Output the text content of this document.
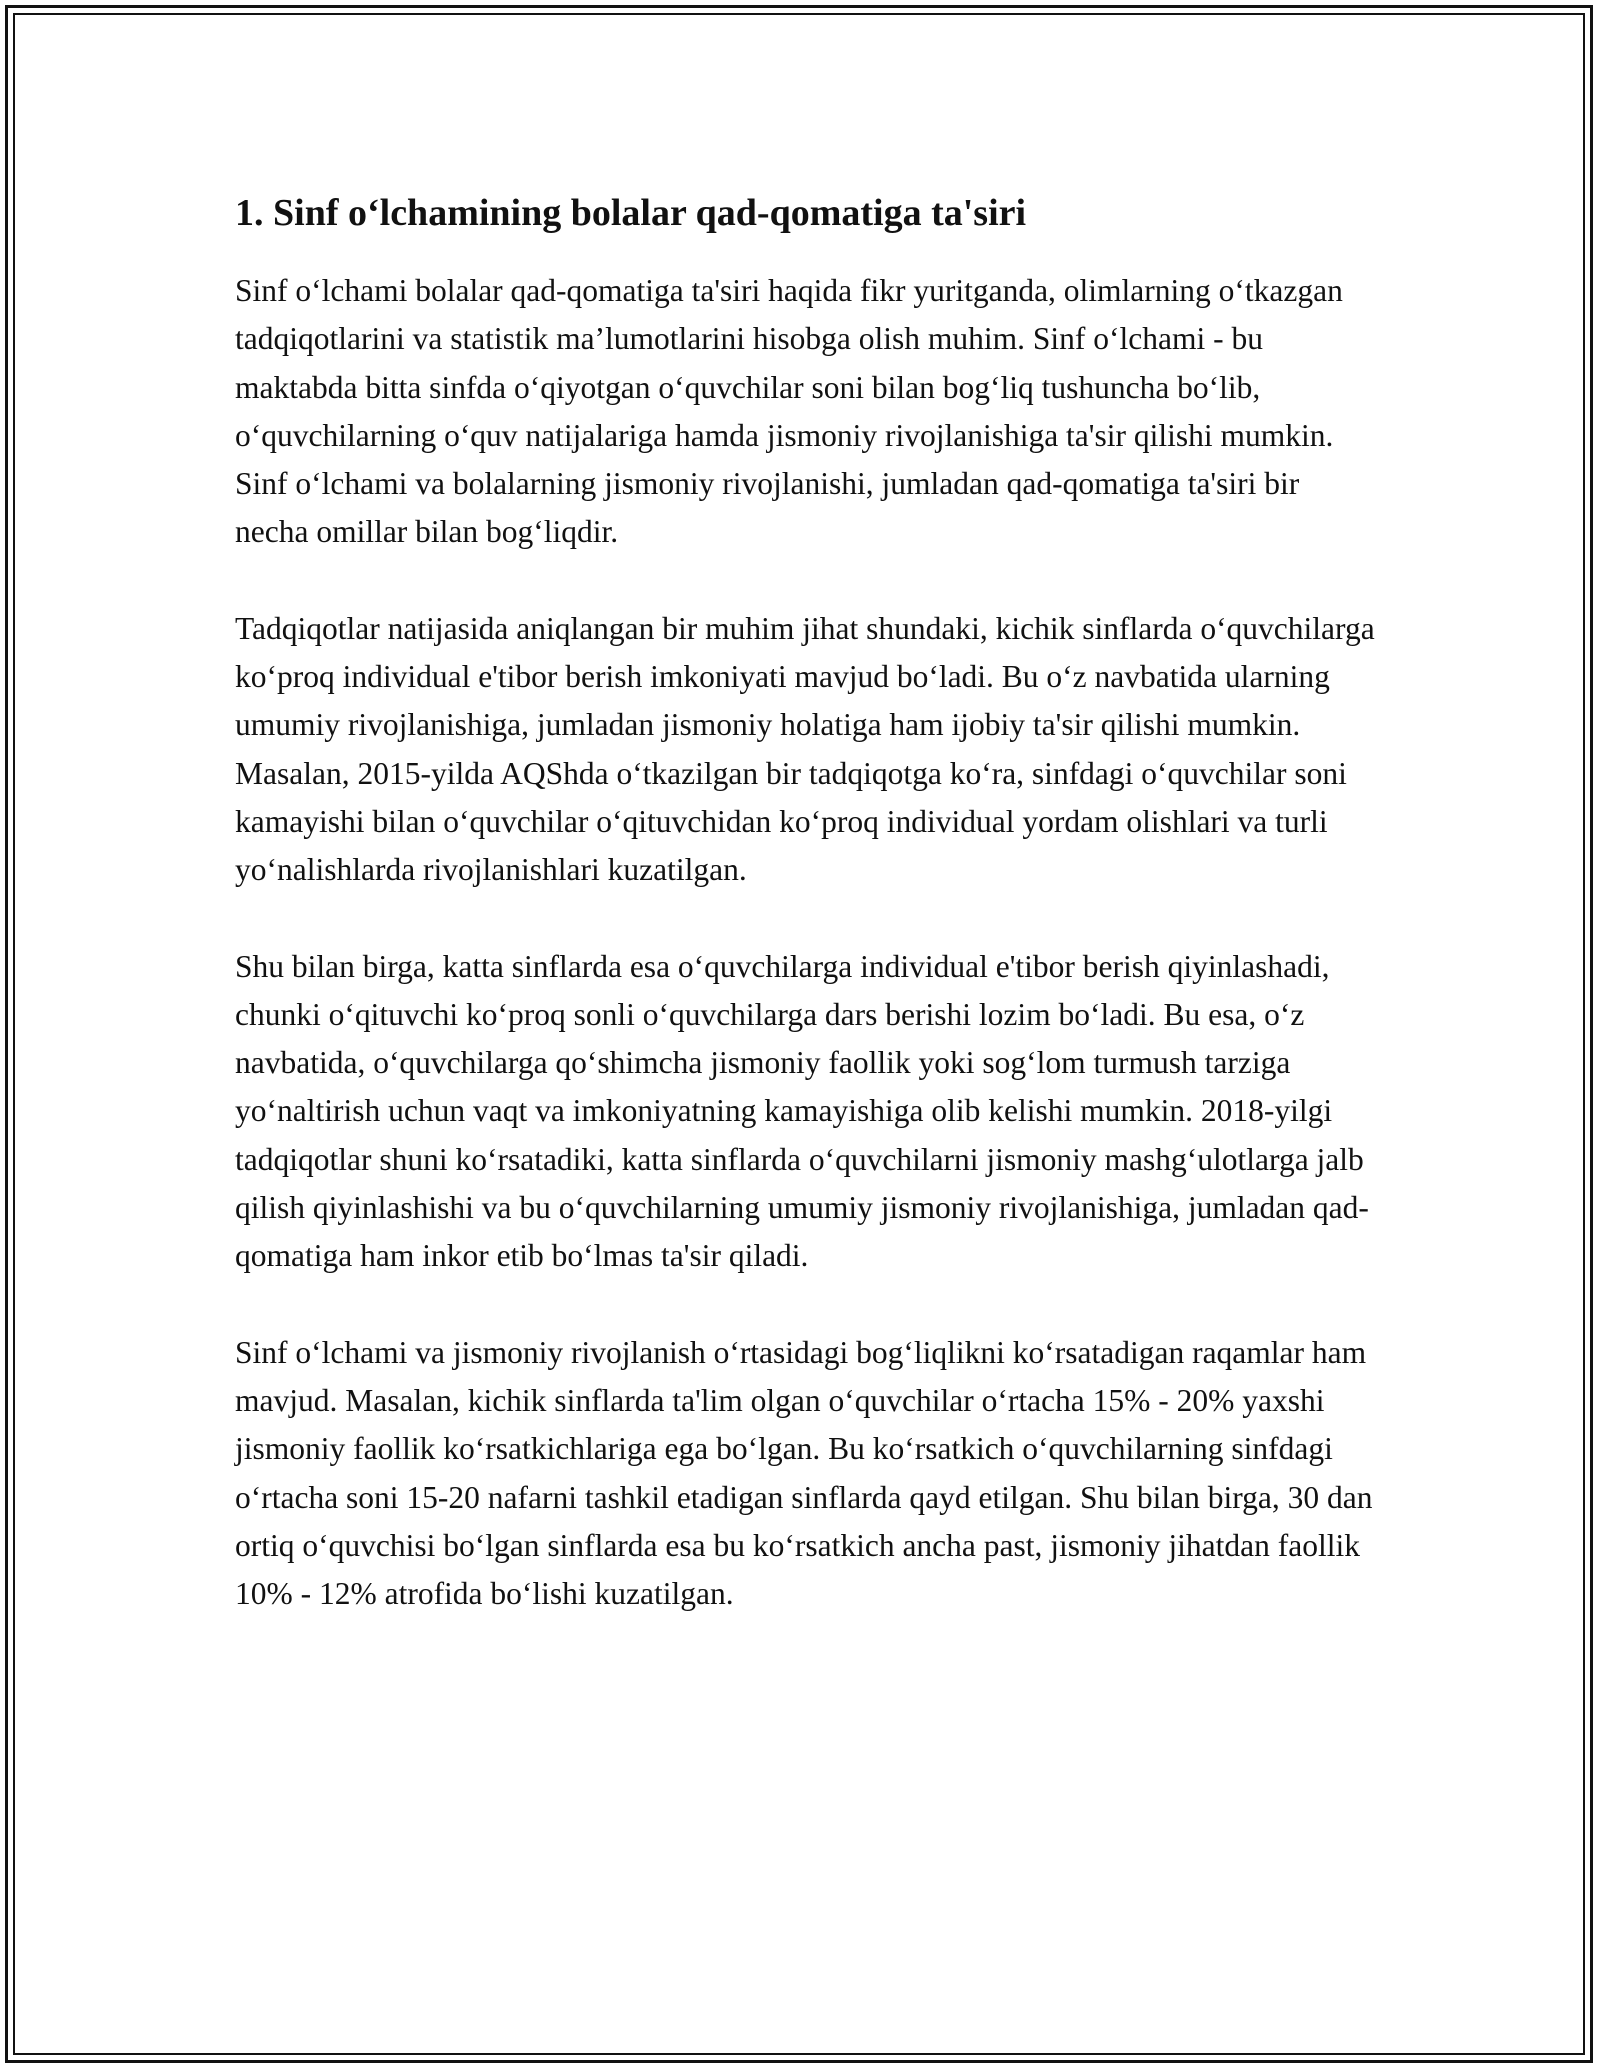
1. Sinf o‘lchamining bolalar qad-qomatiga ta'siri

Sinf o‘lchami bolalar qad-qomatiga ta'siri haqida fikr yuritganda, olimlarning o‘tkazgan tadqiqotlarini va statistik ma’lumotlarini hisobga olish muhim. Sinf o‘lchami - bu maktabda bitta sinfda o‘qiyotgan o‘quvchilar soni bilan bog‘liq tushuncha bo‘lib, o‘quvchilarning o‘quv natijalariga hamda jismoniy rivojlanishiga ta'sir qilishi mumkin. Sinf o‘lchami va bolalarning jismoniy rivojlanishi, jumladan qad-qomatiga ta'siri bir necha omillar bilan bog‘liqdir.

Tadqiqotlar natijasida aniqlangan bir muhim jihat shundaki, kichik sinflarda o‘quvchilarga ko‘proq individual e'tibor berish imkoniyati mavjud bo‘ladi. Bu o‘z navbatida ularning umumiy rivojlanishiga, jumladan jismoniy holatiga ham ijobiy ta'sir qilishi mumkin. Masalan, 2015-yilda AQShda o‘tkazilgan bir tadqiqotga ko‘ra, sinfdagi o‘quvchilar soni kamayishi bilan o‘quvchilar o‘qituvchidan ko‘proq individual yordam olishlari va turli yo‘nalishlarda rivojlanishlari kuzatilgan.

Shu bilan birga, katta sinflarda esa o‘quvchilarga individual e'tibor berish qiyinlashadi, chunki o‘qituvchi ko‘proq sonli o‘quvchilarga dars berishi lozim bo‘ladi. Bu esa, o‘z navbatida, o‘quvchilarga qo‘shimcha jismoniy faollik yoki sog‘lom turmush tarziga yo‘naltirish uchun vaqt va imkoniyatning kamayishiga olib kelishi mumkin. 2018-yilgi tadqiqotlar shuni ko‘rsatadiki, katta sinflarda o‘quvchilarni jismoniy mashg‘ulotlarga jalb qilish qiyinlashishi va bu o‘quvchilarning umumiy jismoniy rivojlanishiga, jumladan qad-qomatiga ham inkor etib bo‘lmas ta'sir qiladi.

Sinf o‘lchami va jismoniy rivojlanish o‘rtasidagi bog‘liqlikni ko‘rsatadigan raqamlar ham mavjud. Masalan, kichik sinflarda ta'lim olgan o‘quvchilar o‘rtacha 15% - 20% yaxshi jismoniy faollik ko‘rsatkichlariga ega bo‘lgan. Bu ko‘rsatkich o‘quvchilarning sinfdagi o‘rtacha soni 15-20 nafarni tashkil etadigan sinflarda qayd etilgan. Shu bilan birga, 30 dan ortiq o‘quvchisi bo‘lgan sinflarda esa bu ko‘rsatkich ancha past, jismoniy jihatdan faollik 10% - 12% atrofida bo‘lishi kuzatilgan.
